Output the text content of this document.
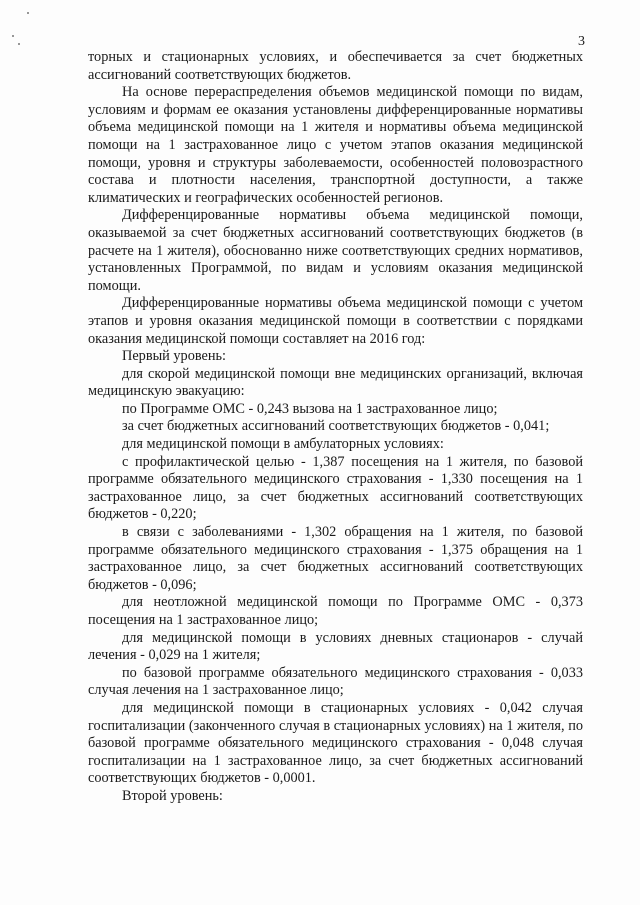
3

торных и стационарных условиях, и обеспечивается за счет бюджетных ассигнований соответствующих бюджетов.

На основе перераспределения объемов медицинской помощи по видам, условиям и формам ее оказания установлены дифференцированные нормативы объема медицинской помощи на 1 жителя и нормативы объема медицинской помощи на 1 застрахованное лицо с учетом этапов оказания медицинской помощи, уровня и структуры заболеваемости, особенностей половозрастного состава и плотности населения, транспортной доступности, а также климатических и географических особенностей регионов.

Дифференцированные нормативы объема медицинской помощи, оказываемой за счет бюджетных ассигнований соответствующих бюджетов (в расчете на 1 жителя), обоснованно ниже соответствующих средних нормативов, установленных Программой, по видам и условиям оказания медицинской помощи.

Дифференцированные нормативы объема медицинской помощи с учетом этапов и уровня оказания медицинской помощи в соответствии с порядками оказания медицинской помощи составляет на 2016 год:

Первый уровень:

для скорой медицинской помощи вне медицинских организаций, включая медицинскую эвакуацию:

по Программе ОМС - 0,243 вызова на 1 застрахованное лицо;

за счет бюджетных ассигнований соответствующих бюджетов - 0,041;

для медицинской помощи в амбулаторных условиях:

с профилактической целью - 1,387 посещения на 1 жителя, по базовой программе обязательного медицинского страхования - 1,330 посещения на 1 застрахованное лицо, за счет бюджетных ассигнований соответствующих бюджетов - 0,220;

в связи с заболеваниями - 1,302 обращения на 1 жителя, по базовой программе обязательного медицинского страхования - 1,375 обращения на 1 застрахованное лицо, за счет бюджетных ассигнований соответствующих бюджетов - 0,096;

для неотложной медицинской помощи по Программе ОМС - 0,373 посещения на 1 застрахованное лицо;

для медицинской помощи в условиях дневных стационаров - случай лечения - 0,029 на 1 жителя;

по базовой программе обязательного медицинского страхования - 0,033 случая лечения на 1 застрахованное лицо;

для медицинской помощи в стационарных условиях - 0,042 случая госпитализации (законченного случая в стационарных условиях) на 1 жителя, по базовой программе обязательного медицинского страхования - 0,048 случая госпитализации на 1 застрахованное лицо, за счет бюджетных ассигнований соответствующих бюджетов - 0,0001.

Второй уровень:
